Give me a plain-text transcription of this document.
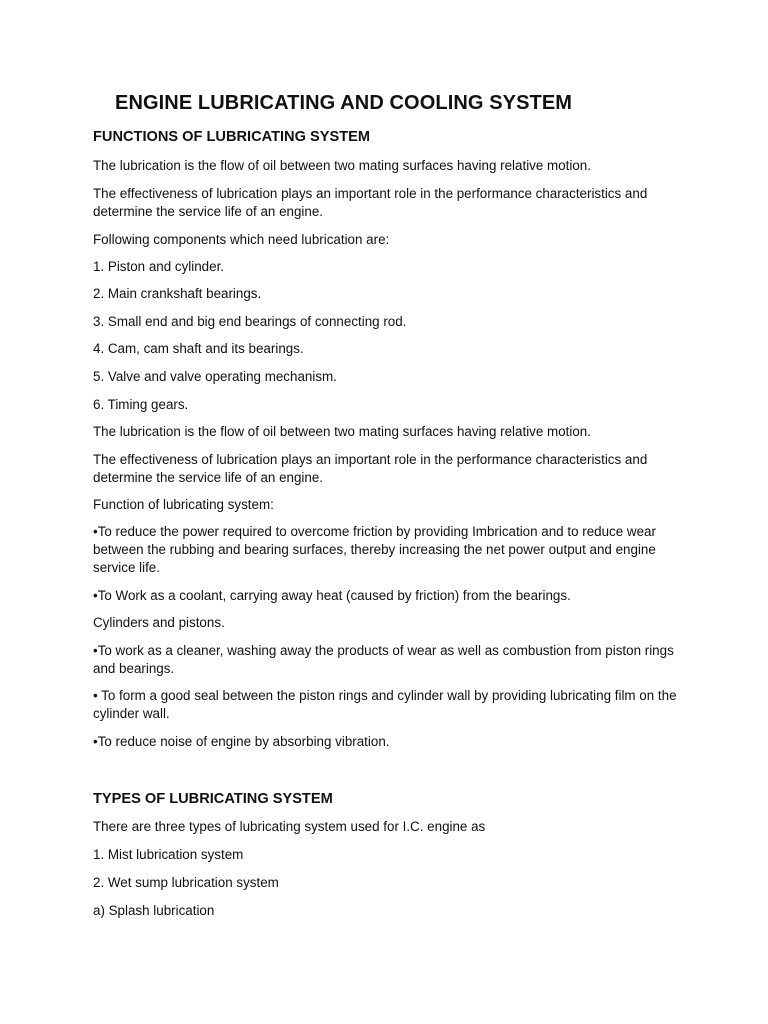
ENGINE LUBRICATING AND COOLING SYSTEM
FUNCTIONS OF LUBRICATING SYSTEM

The lubrication is the flow of oil between two mating surfaces having relative motion.

The effectiveness of lubrication plays an important role in the performance characteristics and determine the service life of an engine.

Following components which need lubrication are:

1. Piston and cylinder.

2. Main crankshaft bearings.

3. Small end and big end bearings of connecting rod.

4. Cam, cam shaft and its bearings.

5. Valve and valve operating mechanism.

6. Timing gears.

The lubrication is the flow of oil between two mating surfaces having relative motion.

The effectiveness of lubrication plays an important role in the performance characteristics and determine the service life of an engine.

Function of lubricating system:

•To reduce the power required to overcome friction by providing Imbrication and to reduce wear between the rubbing and bearing surfaces, thereby increasing the net power output and engine service life.

•To Work as a coolant, carrying away heat (caused by friction) from the bearings.

Cylinders and pistons.

•To work as a cleaner, washing away the products of wear as well as combustion from piston rings and bearings.

• To form a good seal between the piston rings and cylinder wall by providing lubricating film on the cylinder wall.

•To reduce noise of engine by absorbing vibration.

TYPES OF LUBRICATING SYSTEM

There are three types of lubricating system used for I.C. engine as

1. Mist lubrication system

2. Wet sump lubrication system

a) Splash lubrication
